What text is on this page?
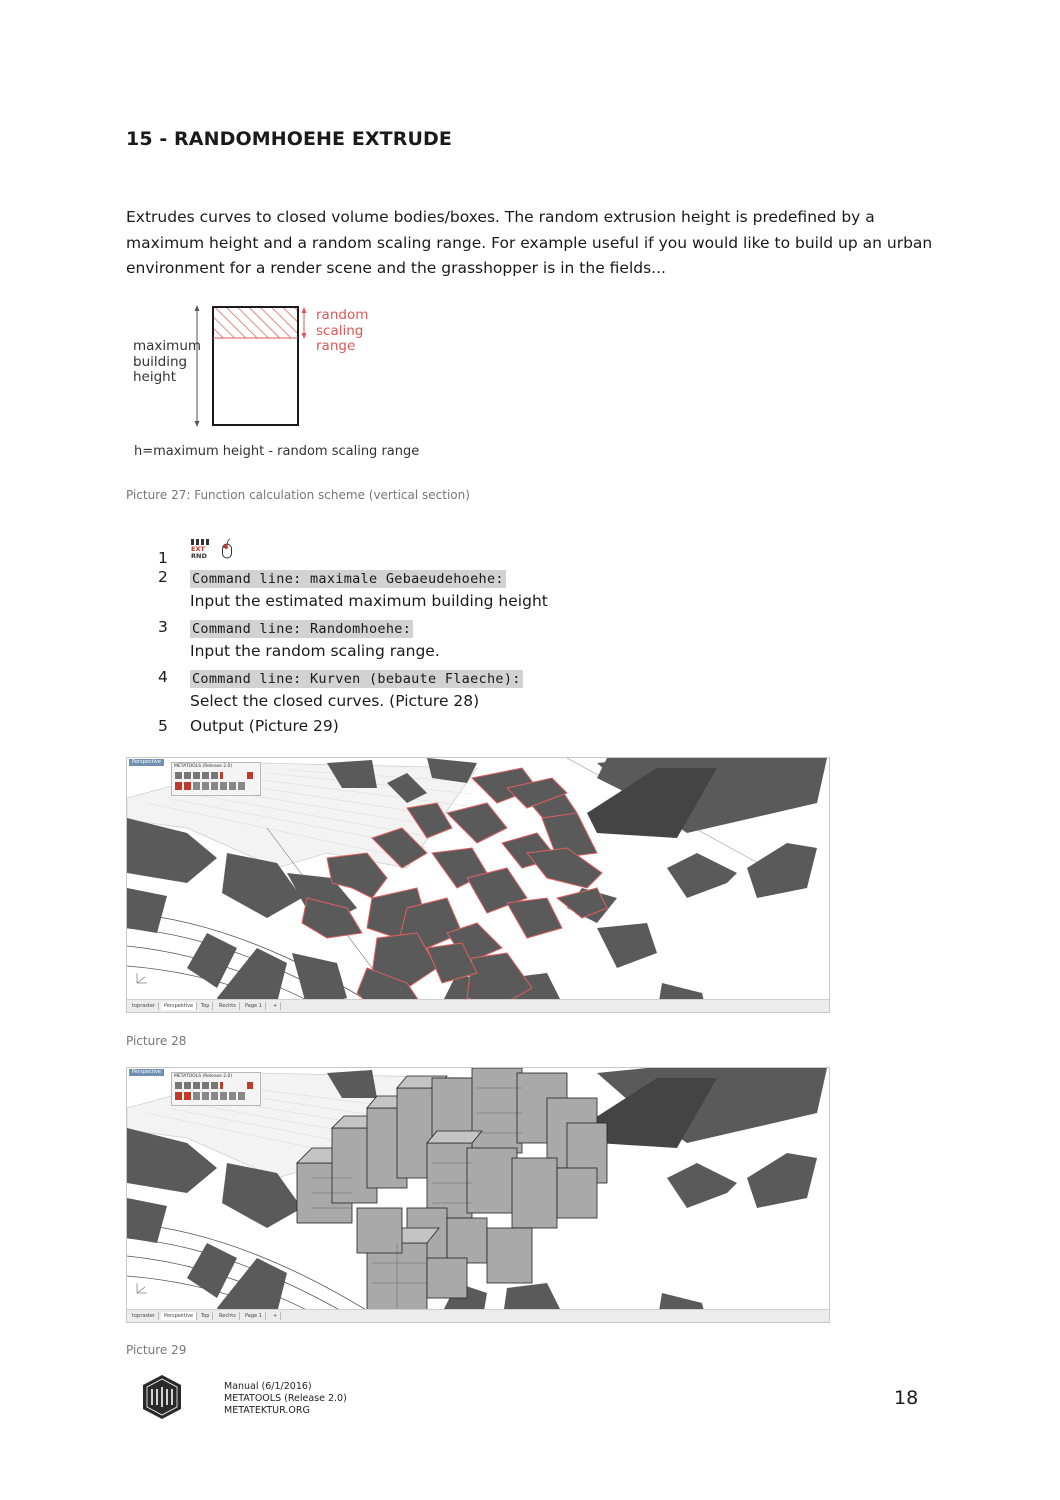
15 - RANDOMHOEHE EXTRUDE
Extrudes curves to closed volume bodies/boxes. The random extrusion height is predefined by a maximum height and a random scaling range. For example useful if you would like to build up an urban environment for a render scene and the grasshopper is in the fields...
maximum
building
height
random
scaling
range
h=maximum height - random scaling range
Picture 27: Function calculation scheme (vertical section)
1	EXT
RND

2 Command line: maximale Gebaeudehoehe:
Input the estimated maximum building height
3 Command line: Randomhoehe:
Input the random scaling range.
4 Command line: Kurven (bebaute Flaeche):
Select the closed curves. (Picture 28)
5 Output (Picture 29)
Perspective
METATOOLS (Release 2.0)
topraster	Perspektive	Top	Rechts	Page 1	+
Picture 28
Perspective
METATOOLS (Release 2.0)
topraster	Perspektive	Top	Rechts	Page 1	+
Picture 29
Manual (6/1/2016)
METATOOLS (Release 2.0)
METATEKTUR.ORG
18
